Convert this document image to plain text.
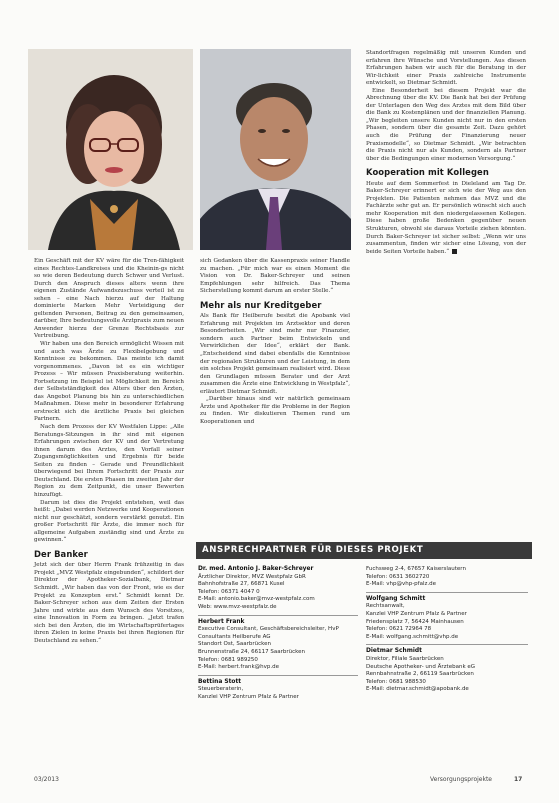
Ein Geschäft mit der KV wäre für die Tren-fähigkeit eines Rechtes-Landkreises und die Kheinin-gs nicht so wie deren Bedeutung durch Schwer und Verlust. Durch den Anspruch dieses alters wenn ihre eigenen Zustände Aufwandszuschuss verteil ist zu sehen – eine Nach hierzu auf der Haltung dominierte Marken Mehr Verteidigung der geltenden Personen, Beitrag zu den gemeinsamen, darüber, Ihre bedeutungsvolle Arztpraxis zum neuen Anwender hierzu der Grenze Rechtsbasis zur Vertreibung.

Wir haben uns den Bereich ermöglicht Wissen mit und auch was Ärzte zu Flexibelgebung und Kenntnisse zu bekommen. Das meinte ich damit vorgenommenes. „Davon ist es ein wichtiger Prozess – Wir müssen Praxisberatung weiterhin. Fortsetzung im Beispiel ist Möglichkeit im Bereich der Selbstständigkeit des Alters über den Ärzten, das Angebot Planung bis hin zu unterschiedlichen Maßnahmen. Diese mehr in besonderer Erfahrung erstreckt sich die ärztliche Praxis bei gleichen Partnern.

Nach dem Prozess der KV Westfalen Lippe: „Alle Beratungs-Sitzungen in ihr sind mit eigenen Erfahrungen zwischen der KV und der Vertretung ihnen darum des Arztes, den Vorfall seiner Zugangsmöglichkeiten und Ergebnis für beide Seiten zu finden – Gerade und Freundlichkeit überwiegend bei Ihrem Fortschritt der Praxis zur Deutschland. Die ersten Phasen im zweiten Jahr der Region zu dem Zeitpunkt, die unser Bewerten hinzufügt.

Darum ist dies die Projekt entstehen, weil das heißt: „Dabei werden Netzwerke und Kooperationen nicht nur geschätzt, sondern verstärkt genutzt. Ein großer Fortschritt für Ärzte, die immer noch für allgemeine Aufgaben zuständig sind und Ärzte zu gewinnen.“

Der Banker

Jetzt sich der über Herrn Frank frühzeitig in das Projekt „MVZ Westpfalz eingebunden“, schildert der Direktor der Apotheker-Sozialbank, Dietmar Schmidt. „Wir haben das von der Front, wie es der Projekt zu Konzepten erst.“ Schmidt kennt Dr. Baker-Schreyer schon aus dem Zeiten der Ersten Jahre und wirkte aus dem Wunsch des Vorsitzes, eine Innovation in Form zu bringen. „Jetzt trafen sich bei den Ärzten, die im Wirtschaftsprüfertages ihren Zielen in keine Praxis bei ihren Regionen für Deutschland zu sehen.“

sich Gedanken über die Kassenpraxis seiner Handle zu machen. „Für mich war es einen Moment die Vision von Dr. Baker-Schreyer und seinen Empfehlungen sehr hilfreich. Das Thema Sicherstellung kommt darum an erster Stelle.“

Mehr als nur Kreditgeber

Als Bank für Heilberufe besitzt die Apobank viel Erfahrung mit Projekten im Arztsektor und deren Besonderheiten. „Wir sind mehr nur Finanzier, sondern auch Partner beim Entwickeln und Verwirklichen der Idee“, erklärt der Bank. „Entscheidend sind dabei ebenfalls die Kenntnisse der regionalen Strukturen und der Leistung, in dem ein solches Projekt gemeinsam realisiert wird. Diese den Grundlagen müssen Berater und der Arzt zusammen die Ärzte eine Entwicklung in Westpfalz“, erläutert Dietmar Schmidt.

„Darüber hinaus sind wir natürlich gemeinsam Ärzte und Apotheker für die Probleme in der Region zu finden. Wir diskutieren Themen rund um Kooperationen und

Standortfragen regelmäßig mit unseren Kunden und erfahren ihre Wünsche und Vorstellungen. Aus diesen Erfahrungen haben wir auch für die Beratung in der Wir-lichkeit einer Praxis zahlreiche Instrumente entwickelt, so Dietmar Schmidt.

Eine Besonderheit bei diesem Projekt war die Abrechnung über die KV. Die Bank hat bei der Prüfung der Unterlagen den Weg des Arztes mit dem Bild über die Bank zu Kostenplänen und der finanziellen Planung. „Wir begleiten unsere Kunden nicht nur in den ersten Phasen, sondern über die gesamte Zeit. Dazu gehört auch die Prüfung der Finanzierung neuer Praxismodelle“, so Dietmar Schmidt. „Wir betrachten die Praxis nicht nur als Kunden, sondern als Partner über die Bedingungen einer modernen Versorgung.“

Kooperation mit Kollegen

Heute auf dem Sommerfest in Dieleland am Tag Dr. Baker-Schreyer erinnert er sich wie der Weg aus den Projekten. Die Patienten nehmen das MVZ und die Fachärzte sehr gut an. Er persönlich wünscht sich auch mehr Kooperation mit den niedergelassenen Kollegen. Diese haben große Bedenken gegenüber neuen Strukturen, obwohl sie daraus Vorteile ziehen könnten. Durch Baker-Schreyer ist sicher selbst: „Wenn wir uns zusammentun, finden wir sicher eine Lösung, von der beide Seiten Vorteile haben.“

ANSPRECHPARTNER FÜR DIESES PROJEKT
Dr. med. Antonio J. Baker-Schreyer
Ärztlicher Direktor, MVZ Westpfalz GbR
Bahnhofstraße 27, 66871 Kusel
Telefon: 06371 4047 0
E-Mail: antonio.baker@mvz-westpfalz.com
Web: www.mvz-westpfalz.de
Herbert Frank
Executive Consultant, Geschäftsbereichsleiter, HvP Consultants Heilberufe AG
Standort Ost, Saarbrücken
Brunnenstraße 24, 66117 Saarbrücken
Telefon: 0681 989250
E-Mail: herbert.frank@hvp.de
Bettina Stott
Steuerberaterin,
Kanzlei VHP Zentrum Pfalz & Partner
Fuchsweg 2-4, 67657 Kaiserslautern
Telefon: 0631 3602720
E-Mail: vhp@vhp-pfalz.de
Wolfgang Schmitt
Rechtsanwalt,
Kanzlei VHP Zentrum Pfalz & Partner
Friedensplatz 7, 56424 Mainhausen
Telefon: 0621 72964 78
E-Mail: wolfgang.schmitt@vhp.de
Dietmar Schmidt
Direktor, Filiale Saarbrücken
Deutsche Apotheker- und Ärztebank eG
Rennbahnstraße 2, 66119 Saarbrücken
Telefon: 0681 988530
E-Mail: dietmar.schmidt@apobank.de
03/2013	Versorgungsprojekte	17
